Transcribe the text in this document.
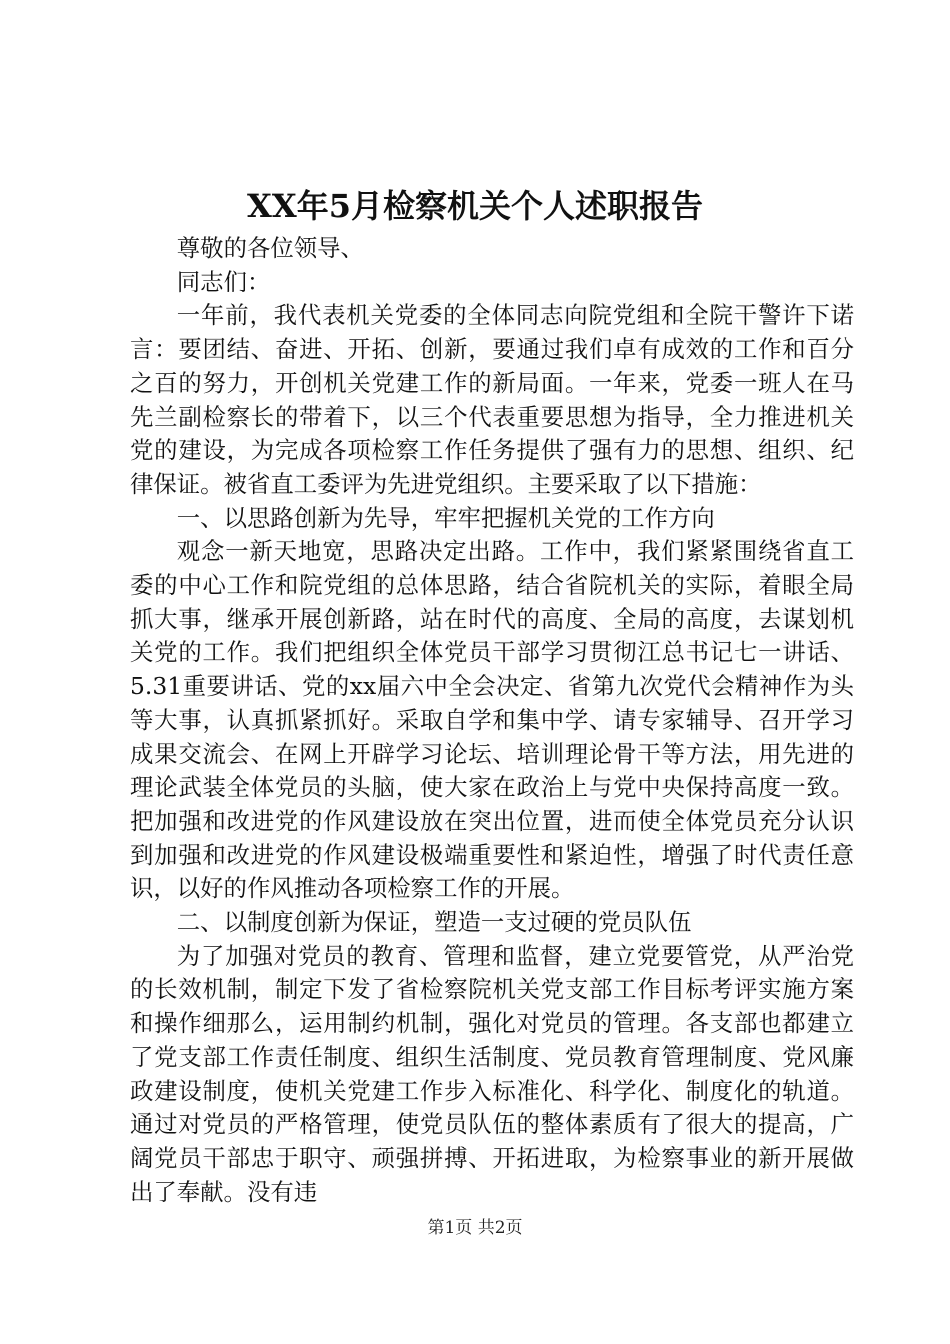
XX年5月检察机关个人述职报告

尊敬的各位领导、

同志们：

一年前，我代表机关党委的全体同志向院党组和全院干警许下诺言：要团结、奋进、开拓、创新，要通过我们卓有成效的工作和百分之百的努力，开创机关党建工作的新局面。一年来，党委一班人在马先兰副检察长的带着下，以三个代表重要思想为指导，全力推进机关党的建设，为完成各项检察工作任务提供了强有力的思想、组织、纪律保证。被省直工委评为先进党组织。主要采取了以下措施：

一、以思路创新为先导，牢牢把握机关党的工作方向

观念一新天地宽，思路决定出路。工作中，我们紧紧围绕省直工委的中心工作和院党组的总体思路，结合省院机关的实际，着眼全局抓大事，继承开展创新路，站在时代的高度、全局的高度，去谋划机关党的工作。我们把组织全体党员干部学习贯彻江总书记七一讲话、5.31重要讲话、党的xx届六中全会决定、省第九次党代会精神作为头等大事，认真抓紧抓好。采取自学和集中学、请专家辅导、召开学习成果交流会、在网上开辟学习论坛、培训理论骨干等方法，用先进的理论武装全体党员的头脑，使大家在政治上与党中央保持高度一致。把加强和改进党的作风建设放在突出位置，进而使全体党员充分认识到加强和改进党的作风建设极端重要性和紧迫性，增强了时代责任意识，以好的作风推动各项检察工作的开展。

二、以制度创新为保证，塑造一支过硬的党员队伍

为了加强对党员的教育、管理和监督，建立党要管党，从严治党的长效机制，制定下发了省检察院机关党支部工作目标考评实施方案和操作细那么，运用制约机制，强化对党员的管理。各支部也都建立了党支部工作责任制度、组织生活制度、党员教育管理制度、党风廉政建设制度，使机关党建工作步入标准化、科学化、制度化的轨道。通过对党员的严格管理，使党员队伍的整体素质有了很大的提高，广阔党员干部忠于职守、顽强拼搏、开拓进取，为检察事业的新开展做出了奉献。没有违

第1页 共2页
